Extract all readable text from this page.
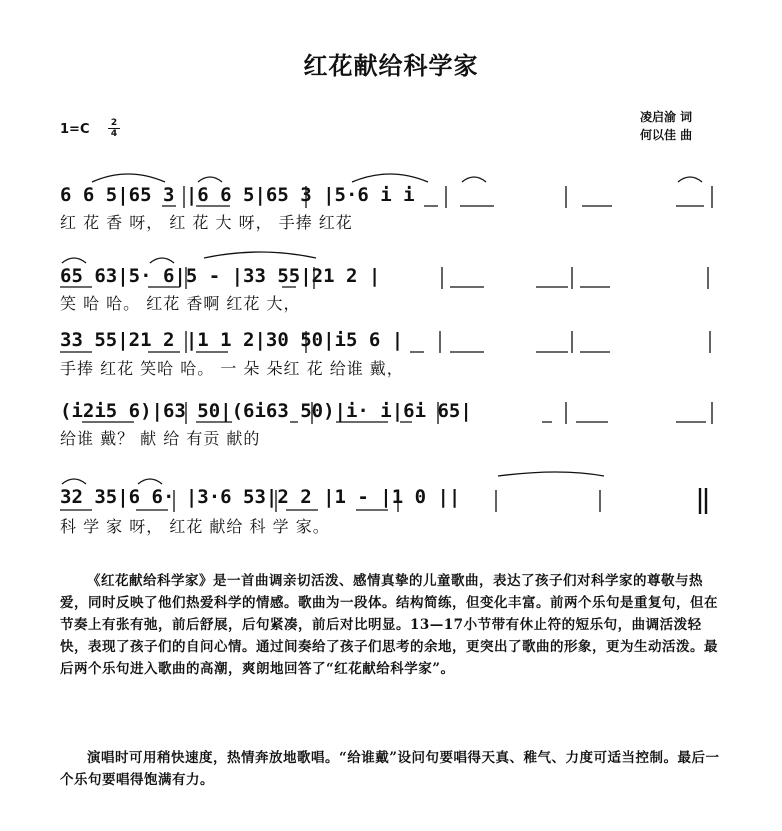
红花献给科学家
$1=C \frac{2}{4}$
凌启渝 词
何以佳 曲
6 6 5|65 3 |6 6 5|65 3 |5·6 i i
红 花 香 呀， 红 花 大 呀， 手捧 红花
65 63|5· 6|5 - |33 55|21 2 |
笑 哈 哈。 红花 香啊 红花 大，
33 55|21 2 |1 1 2|30 50|i5 6 |
手捧 红花 笑哈 哈。 一 朵 朵红 花 给谁 戴，
(i2i5 6)|63 50|(6i63 50)|i· i|6i 65|
给谁 戴？ 献 给 有贡 献的
32 35|6 6· |3·6 53|2 2 |1 - |1 0 ||
科 学 家 呀， 红花 献给 科 学 家。
《红花献给科学家》是一首曲调亲切活泼、感情真挚的儿童歌曲，表达了孩子们对科学家的尊敬与热爱，同时反映了他们热爱科学的情感。歌曲为一段体。结构简练，但变化丰富。前两个乐句是重复句，但在节奏上有张有弛，前后舒展，后句紧凑，前后对比明显。13—17小节带有休止符的短乐句，曲调活泼轻快，表现了孩子们的自问心情。通过间奏给了孩子们思考的余地，更突出了歌曲的形象，更为生动活泼。最后两个乐句进入歌曲的高潮，爽朗地回答了“红花献给科学家”。
演唱时可用稍快速度，热情奔放地歌唱。“给谁戴”设问句要唱得天真、稚气、力度可适当控制。最后一个乐句要唱得饱满有力。
